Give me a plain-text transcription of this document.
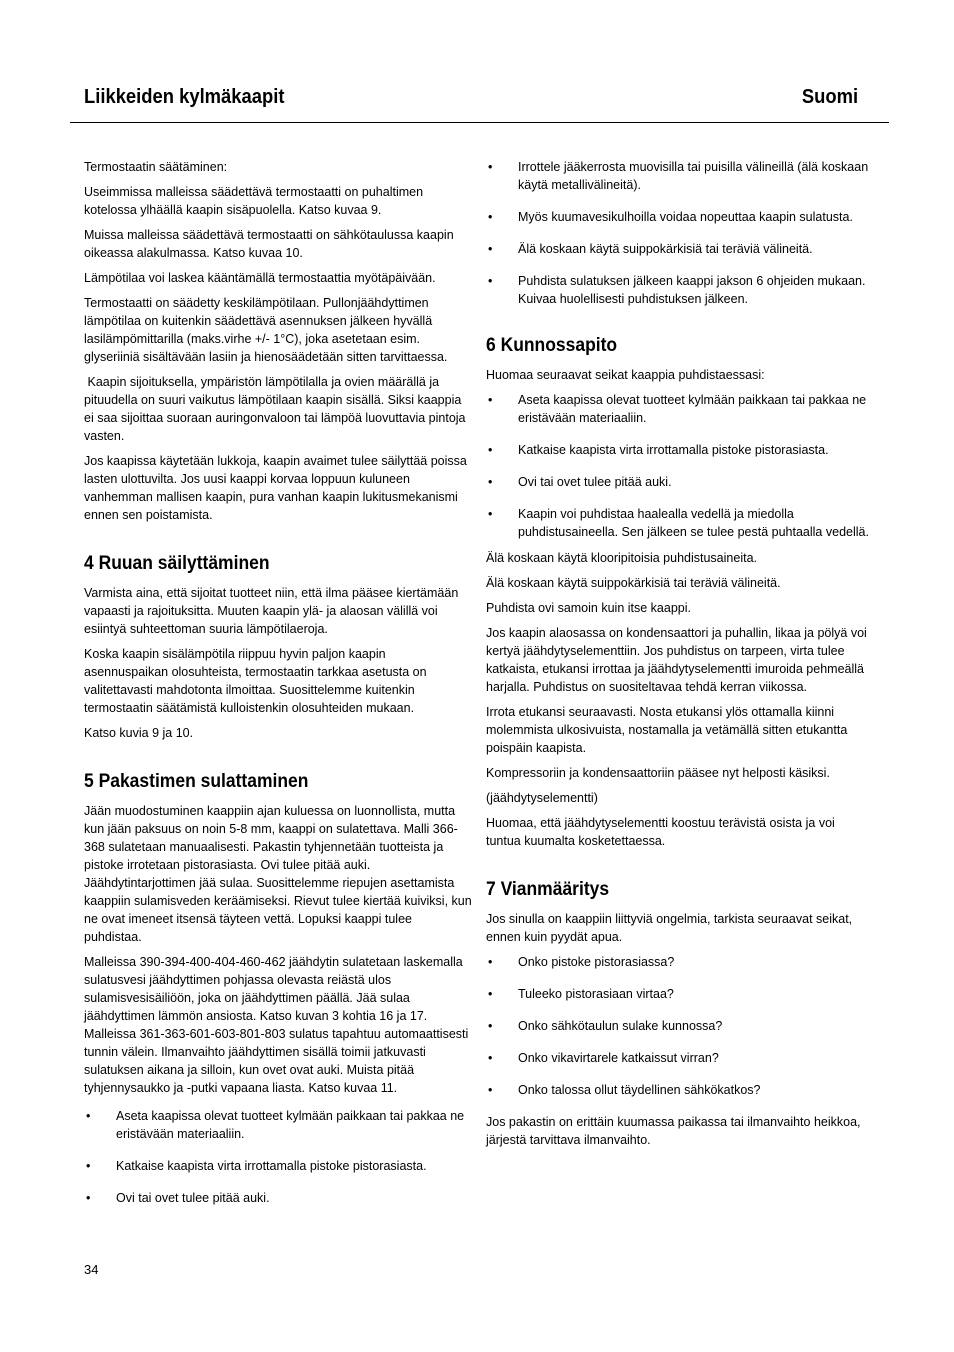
Liikkeiden kylmäkaapit	Suomi

Termostaatin säätäminen:

Useimmissa malleissa säädettävä termostaatti on puhaltimen kotelossa ylhäällä kaapin sisäpuolella. Katso kuvaa 9.

Muissa malleissa säädettävä termostaatti on sähkötaulussa kaapin oikeassa alakulmassa. Katso kuvaa 10.

Lämpötilaa voi laskea kääntämällä termostaattia myötäpäivään.

Termostaatti on säädetty keskilämpötilaan. Pullonjäähdyttimen lämpötilaa on kuitenkin säädettävä asennuksen jälkeen hyvällä lasilämpömittarilla (maks.virhe +/- 1°C), joka asetetaan esim. glyseriiniä sisältävään lasiin ja hienosäädetään sitten tarvittaessa.

Kaapin sijoituksella, ympäristön lämpötilalla ja ovien määrällä ja pituudella on suuri vaikutus lämpötilaan kaapin sisällä. Siksi kaappia ei saa sijoittaa suoraan auringonvaloon tai lämpöä luovuttavia pintoja vasten.

Jos kaapissa käytetään lukkoja, kaapin avaimet tulee säilyttää poissa lasten ulottuvilta. Jos uusi kaappi korvaa loppuun kuluneen vanhemman mallisen kaapin, pura vanhan kaapin lukitusmekanismi ennen sen poistamista.

4 Ruuan säilyttäminen

Varmista aina, että sijoitat tuotteet niin, että ilma pääsee kiertämään vapaasti ja rajoituksitta. Muuten kaapin ylä- ja alaosan välillä voi esiintyä suhteettoman suuria lämpötilaeroja.

Koska kaapin sisälämpötila riippuu hyvin paljon kaapin asennuspaikan olosuhteista, termostaatin tarkkaa asetusta on valitettavasti mahdotonta ilmoittaa. Suosittelemme kuitenkin termostaatin säätämistä kulloistenkin olosuhteiden mukaan.

Katso kuvia 9 ja 10.

5 Pakastimen sulattaminen

Jään muodostuminen kaappiin ajan kuluessa on luonnollista, mutta kun jään paksuus on noin 5-8 mm, kaappi on sulatettava. Malli 366-368 sulatetaan manuaalisesti. Pakastin tyhjennetään tuotteista ja pistoke irrotetaan pistorasiasta. Ovi tulee pitää auki. Jäähdytintarjottimen jää sulaa. Suosittelemme riepujen asettamista kaappiin sulamisveden keräämiseksi. Rievut tulee kiertää kuiviksi, kun ne ovat imeneet itsensä täyteen vettä. Lopuksi kaappi tulee puhdistaa.

Malleissa 390-394-400-404-460-462 jäähdytin sulatetaan laskemalla sulatusvesi jäähdyttimen pohjassa olevasta reiästä ulos sulamisvesisäiliöön, joka on jäähdyttimen päällä. Jää sulaa jäähdyttimen lämmön ansiosta. Katso kuvan 3 kohtia 16 ja 17. Malleissa 361-363-601-603-801-803 sulatus tapahtuu automaattisesti tunnin välein. Ilmanvaihto jäähdyttimen sisällä toimii jatkuvasti sulatuksen aikana ja silloin, kun ovet ovat auki. Muista pitää tyhjennysaukko ja -putki vapaana liasta. Katso kuvaa 11.

• Aseta kaapissa olevat tuotteet kylmään paikkaan tai pakkaa ne eristävään materiaaliin.
• Katkaise kaapista virta irrottamalla pistoke pistorasiasta.
• Ovi tai ovet tulee pitää auki.
• Irrottele jääkerrosta muovisilla tai puisilla välineillä (älä koskaan käytä metallivälineitä).
• Myös kuumavesikulhoilla voidaa nopeuttaa kaapin sulatusta.
• Älä koskaan käytä suippokärkisiä tai teräviä välineitä.
• Puhdista sulatuksen jälkeen kaappi jakson 6 ohjeiden mukaan. Kuivaa huolellisesti puhdistuksen jälkeen.
6 Kunnossapito

Huomaa seuraavat seikat kaappia puhdistaessasi:

• Aseta kaapissa olevat tuotteet kylmään paikkaan tai pakkaa ne eristävään materiaaliin.
• Katkaise kaapista virta irrottamalla pistoke pistorasiasta.
• Ovi tai ovet tulee pitää auki.
• Kaapin voi puhdistaa haalealla vedellä ja miedolla puhdistusaineella. Sen jälkeen se tulee pestä puhtaalla vedellä.

Älä koskaan käytä klooripitoisia puhdistusaineita.

Älä koskaan käytä suippokärkisiä tai teräviä välineitä.

Puhdista ovi samoin kuin itse kaappi.

Jos kaapin alaosassa on kondensaattori ja puhallin, likaa ja pölyä voi kertyä jäähdytyselementtiin. Jos puhdistus on tarpeen, virta tulee katkaista, etukansi irrottaa ja jäähdytyselementti imuroida pehmeällä harjalla. Puhdistus on suositeltavaa tehdä kerran viikossa.

Irrota etukansi seuraavasti. Nosta etukansi ylös ottamalla kiinni molemmista ulkosivuista, nostamalla ja vetämällä sitten etukantta poispäin kaapista.

Kompressoriin ja kondensaattoriin pääsee nyt helposti käsiksi.

(jäähdytyselementti)

Huomaa, että jäähdytyselementti koostuu terävistä osista ja voi tuntua kuumalta kosketettaessa.

7 Vianmääritys

Jos sinulla on kaappiin liittyviä ongelmia, tarkista seuraavat seikat, ennen kuin pyydät apua.

• Onko pistoke pistorasiassa?
• Tuleeko pistorasiaan virtaa?
• Onko sähkötaulun sulake kunnossa?
• Onko vikavirtarele katkaissut virran?
• Onko talossa ollut täydellinen sähkökatkos?

Jos pakastin on erittäin kuumassa paikassa tai ilmanvaihto heikkoa, järjestä tarvittava ilmanvaihto.

34
